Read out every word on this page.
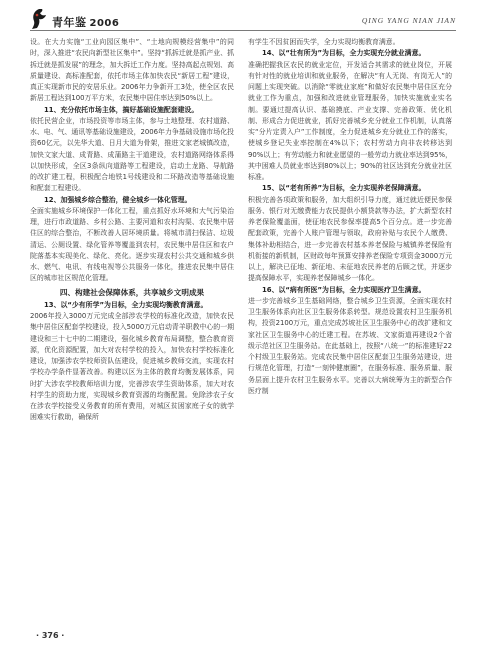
青年鉴 2006	QING YANG NIAN JIAN

设。在大力实施“工业向园区集中”、“土地向规模经营集中”的同时，深入推进“农民向新型社区集中”。坚持“抓拆迁就是抓产业、抓拆迁就是抓发展”的理念，加大拆迁工作力度。坚持高起点规划、高质量建设、高标准配套，依托市场主体加快农民“新居工程”建设，真正实现新市民的安居乐业。2006年力争新开工3处，使全区农民新居工程达到100万平方米，农民集中居住率达到50%以上。

11、充分依托市场主体，搞好基础设施配套建设。

依托民营企业，市场投资等市场主体，参与土地整理、农村道路、水、电、气、通讯等基础设施建设，2006年力争基础设施市场化投资60亿元，以先华大道、日月大道为骨架，推进文家老城镇改造，加快文家大道、成青路、成蒲路主干道建设，农村道路网络体系得以加快形成，全区3条纵向道路等工程建设，启动土龙路、导航路的改扩建工程，积极配合地铁1号线建设和二环路改造等基础设施和配套工程建设。

12、加强城乡综合整治，健全城乡一体化管理。

全面实施城乡环境保护一体化工程，重点抓好水环境和大气污染治理，进行市政道路、乡村公路、主要河道和农村沟渠、农民集中居住区的综合整治，不断改善人居环境质量。将城市清扫保洁、垃圾清运、公厕设置、绿化管养等覆盖到农村，农民集中居住区和农户院落基本实现美化、绿化、亮化。逐步实现农村公共交通和城乡供水、燃气、电讯、有线电视等公共服务一体化，推进农民集中居住区的城市社区规范化管理。

四、构建社会保障体系，共享城乡文明成果

13、以“少有所学”为目标，全力实现均衡教育满意。

2006年投入3000万元完成全部涉农学校的标准化改造，加快农民集中居住区配套学校建设，投入5000万元启动青羊职教中心的一期建设和三十七中的二期建设，强化城乡教育布局调整，整合教育资源，优化资源配置，加大对农村学校的投入，加快农村学校标准化建设，加强涉农学校师资队伍建设，促进城乡教师交流，实现农村学校办学条件显著改善。构建以区为主体的教育均衡发展体系，同时扩大涉农学校教师培训力度，完善涉农学生资助体系，加大对农村学生的资助力度，实现城乡教育资源的均衡配置。免除涉农子女在涉农学校接受义务教育的所有费用，对城区贫困家庭子女的就学困难实行救助，确保所

有学生不因贫困而失学，全力实现均衡教育满意。

14、以“壮有所为”为目标，全力实现充分就业满意。

准确把握我区农民的就业定位，开发适合其需求的就业岗位，开展有针对性的就业培训和就业服务，在解决“有人无岗、有岗无人”的问题上实现突破。以消除“零就业家庭”和做好农民集中居住区充分就业工作为重点，加强和改进就业管理服务，加快实施就业实名制。要通过提高认识、基础摸底、产业支撑、完善政策、优化机制、形成合力促进就业，抓好完善城乡充分就业工作机制，认真落实“分片定责入户”工作制度，全力促进城乡充分就业工作的落实，使城乡登记失业率控制在4%以下；农村劳动力向非农转移达到90%以上；有劳动能力和就业愿望的一般劳动力就业率达到95%，其中困难人员就业率达到80%以上；90%的社区达到充分就业社区标准。

15、以“老有所养”为目标，全力实现养老保障满意。

积极完善各项政策和服务，加大组织引导力度，通过就近便民参保服务、银行对无缴费能力农民提供小额贷款等办法，扩大新型农村养老保险覆盖面，使征地农民参保率提高5个百分点。进一步完善配套政策，完善个人账户管理与领取，政府补贴与农民个人缴费、集体补助相结合，进一步完善农村基本养老保险与城镇养老保险有机衔接的新机制，区财政每年预算安排养老保险专项资金3000万元以上，解决已征地、新征地、未征地农民养老的后顾之忧，并逐步提高保障水平，实现养老保障城乡一体化。

16、以“病有所医”为目标，全力实现医疗卫生满意。

进一步完善城乡卫生基础网络，整合城乡卫生资源，全面实现农村卫生服务体系向社区卫生服务体系转型。规范设置农村卫生服务机构，投资2100万元，重点完成苏坡社区卫生服务中心的改扩建和文家社区卫生服务中心的迁建工程。在苏坡、文家街道再建设2个省级示范社区卫生服务站。在此基础上，按照“八统一”的标准建好22个村级卫生服务站。完成农民集中居住区配套卫生服务站建设，进行规范化管理，打造“一刻钟健康圈”，在服务标准、服务质量、服务层面上提升农村卫生服务水平。完善以大病统筹为主的新型合作医疗制

· 376 ·
